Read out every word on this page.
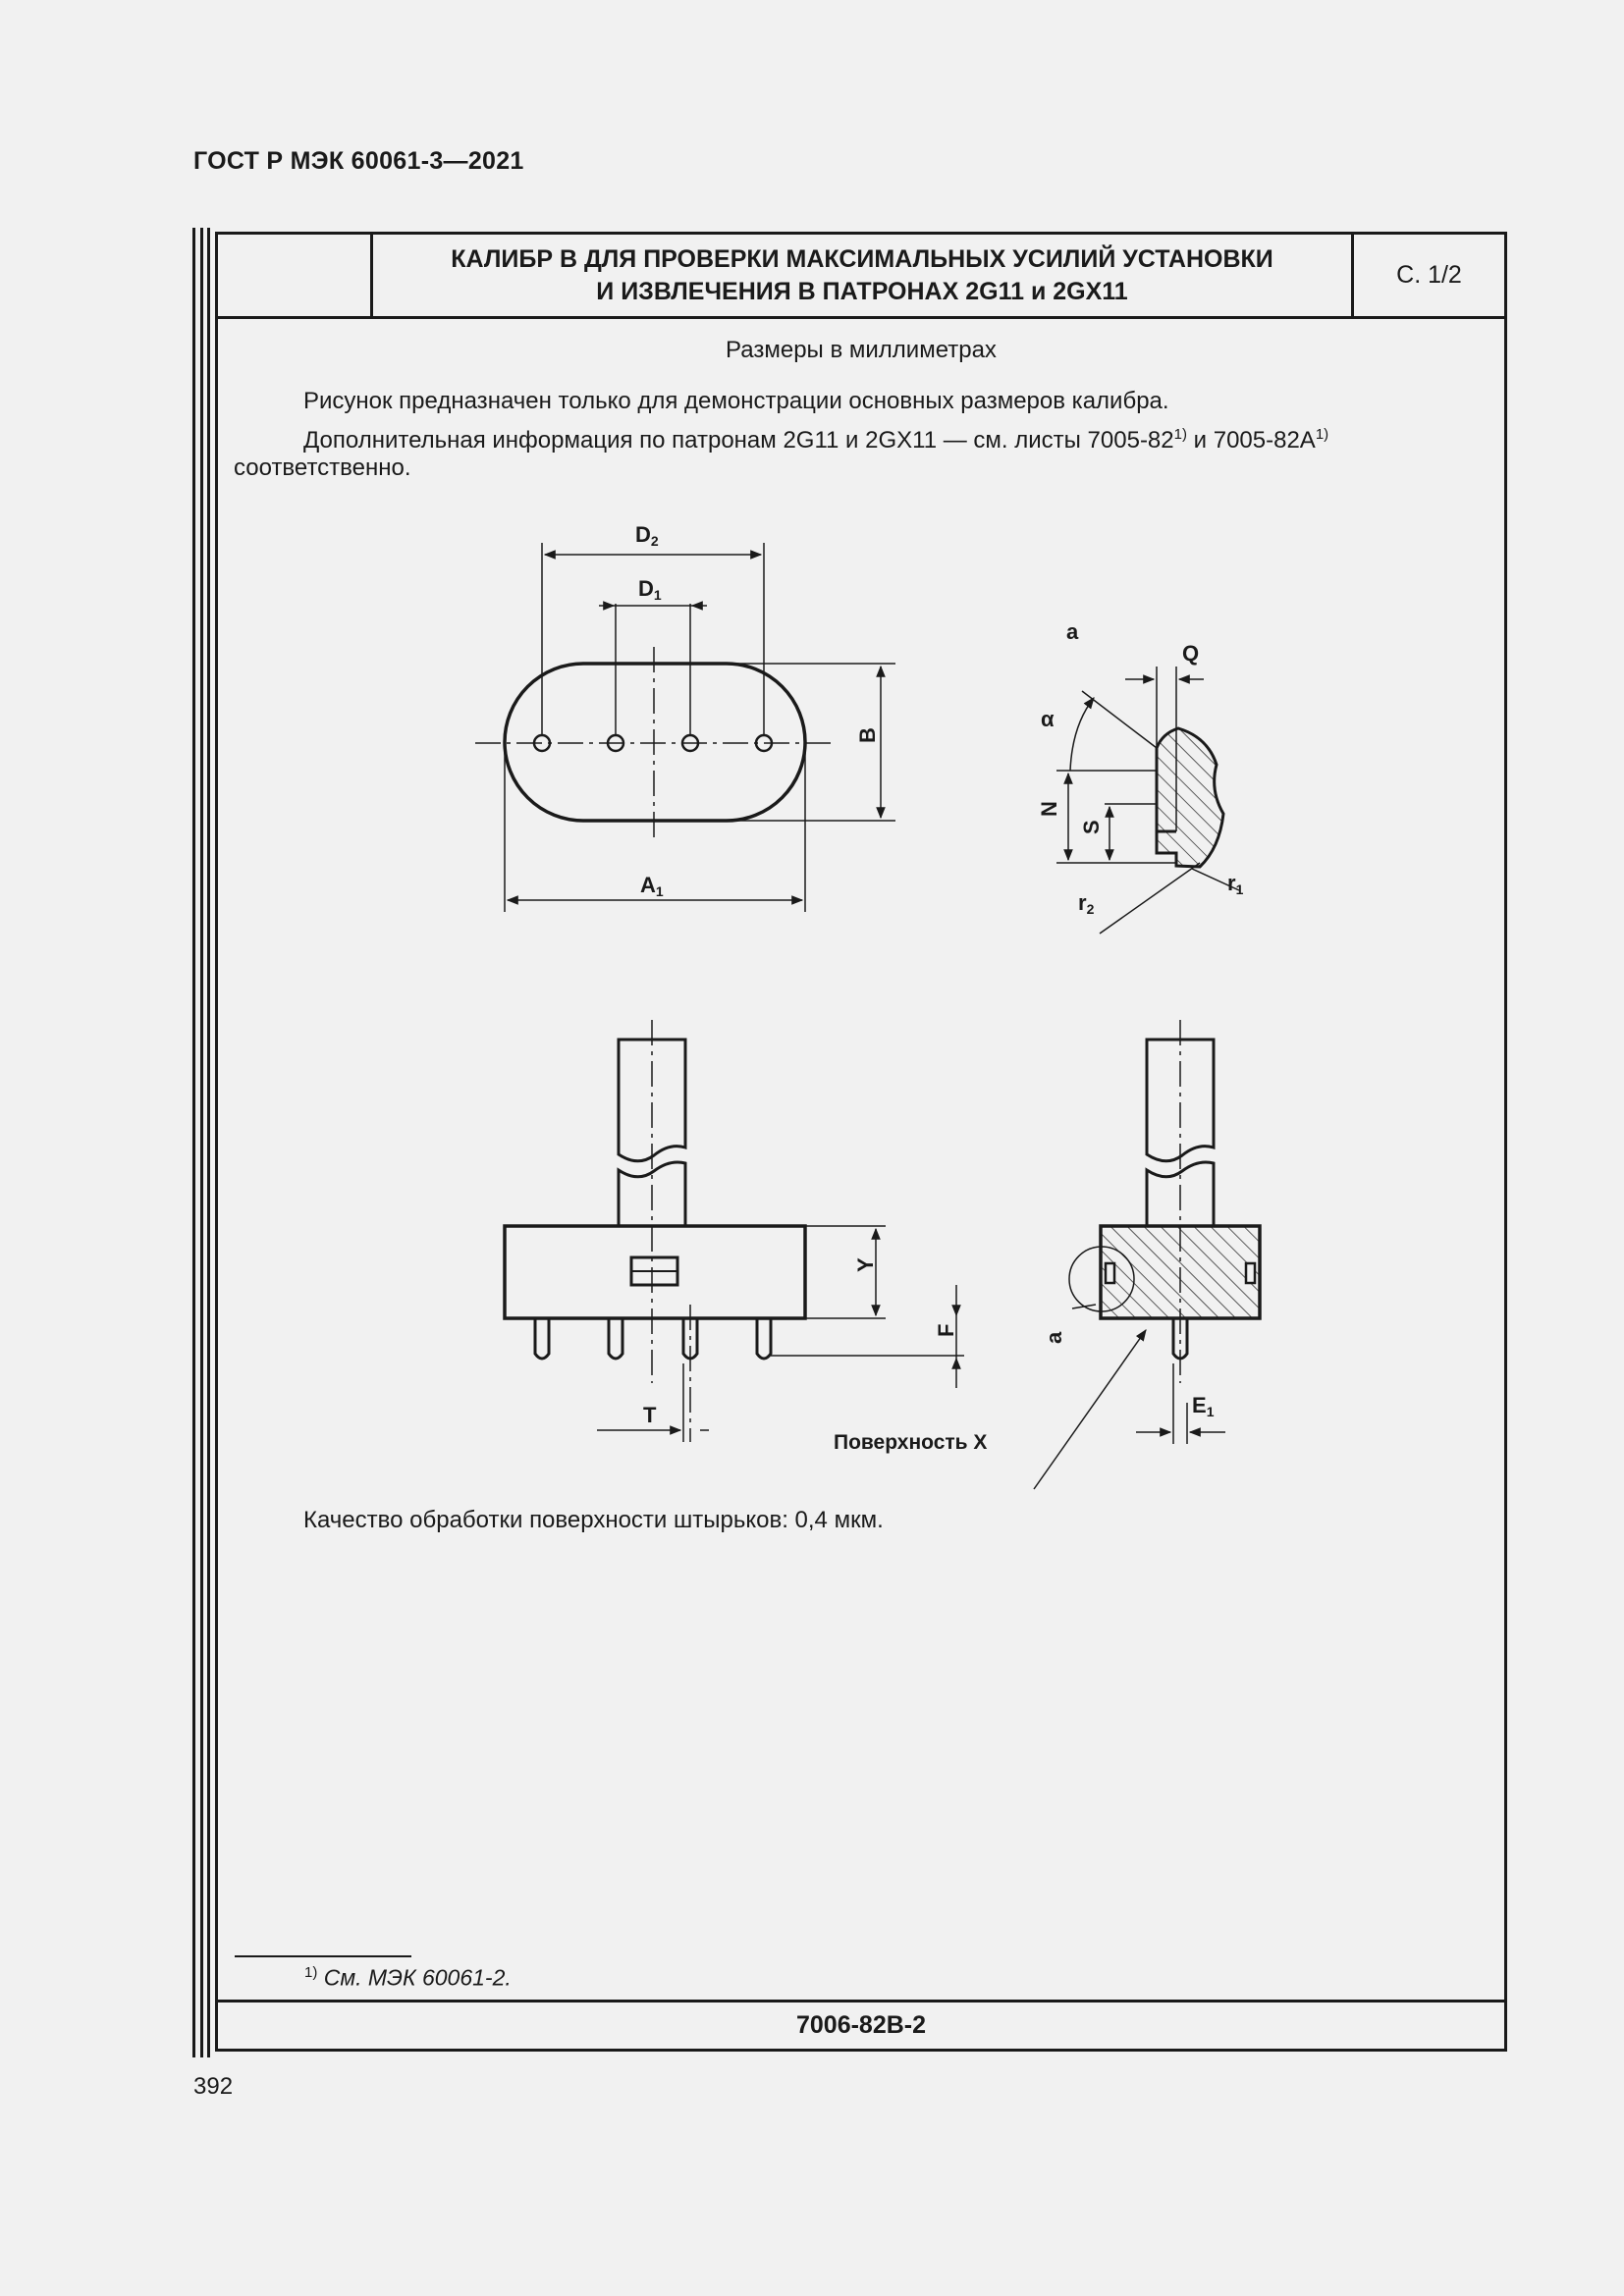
ГОСТ Р МЭК 60061-3—2021
КАЛИБР B ДЛЯ ПРОВЕРКИ МАКСИМАЛЬНЫХ УСИЛИЙ УСТАНОВКИ
И ИЗВЛЕЧЕНИЯ В ПАТРОНАХ 2G11 и 2GX11
С. 1/2
Размеры в миллиметрах
Рисунок предназначен только для демонстрации основных размеров калибра.
Дополнительная информация по патронам 2G11 и 2GX11 — см. листы 7005-82$^{1)}$ и $7005-82A^{1)}$
соответственно.
D2
D1
A1
B
a
Q
α
N
S
r1
r2
Y
F
T
a
E1
Поверхность X
Качество обработки поверхности штырьков: 0,4 мкм.
$^{1)}$ См. МЭК 60061-2.
7006-82B-2
392
